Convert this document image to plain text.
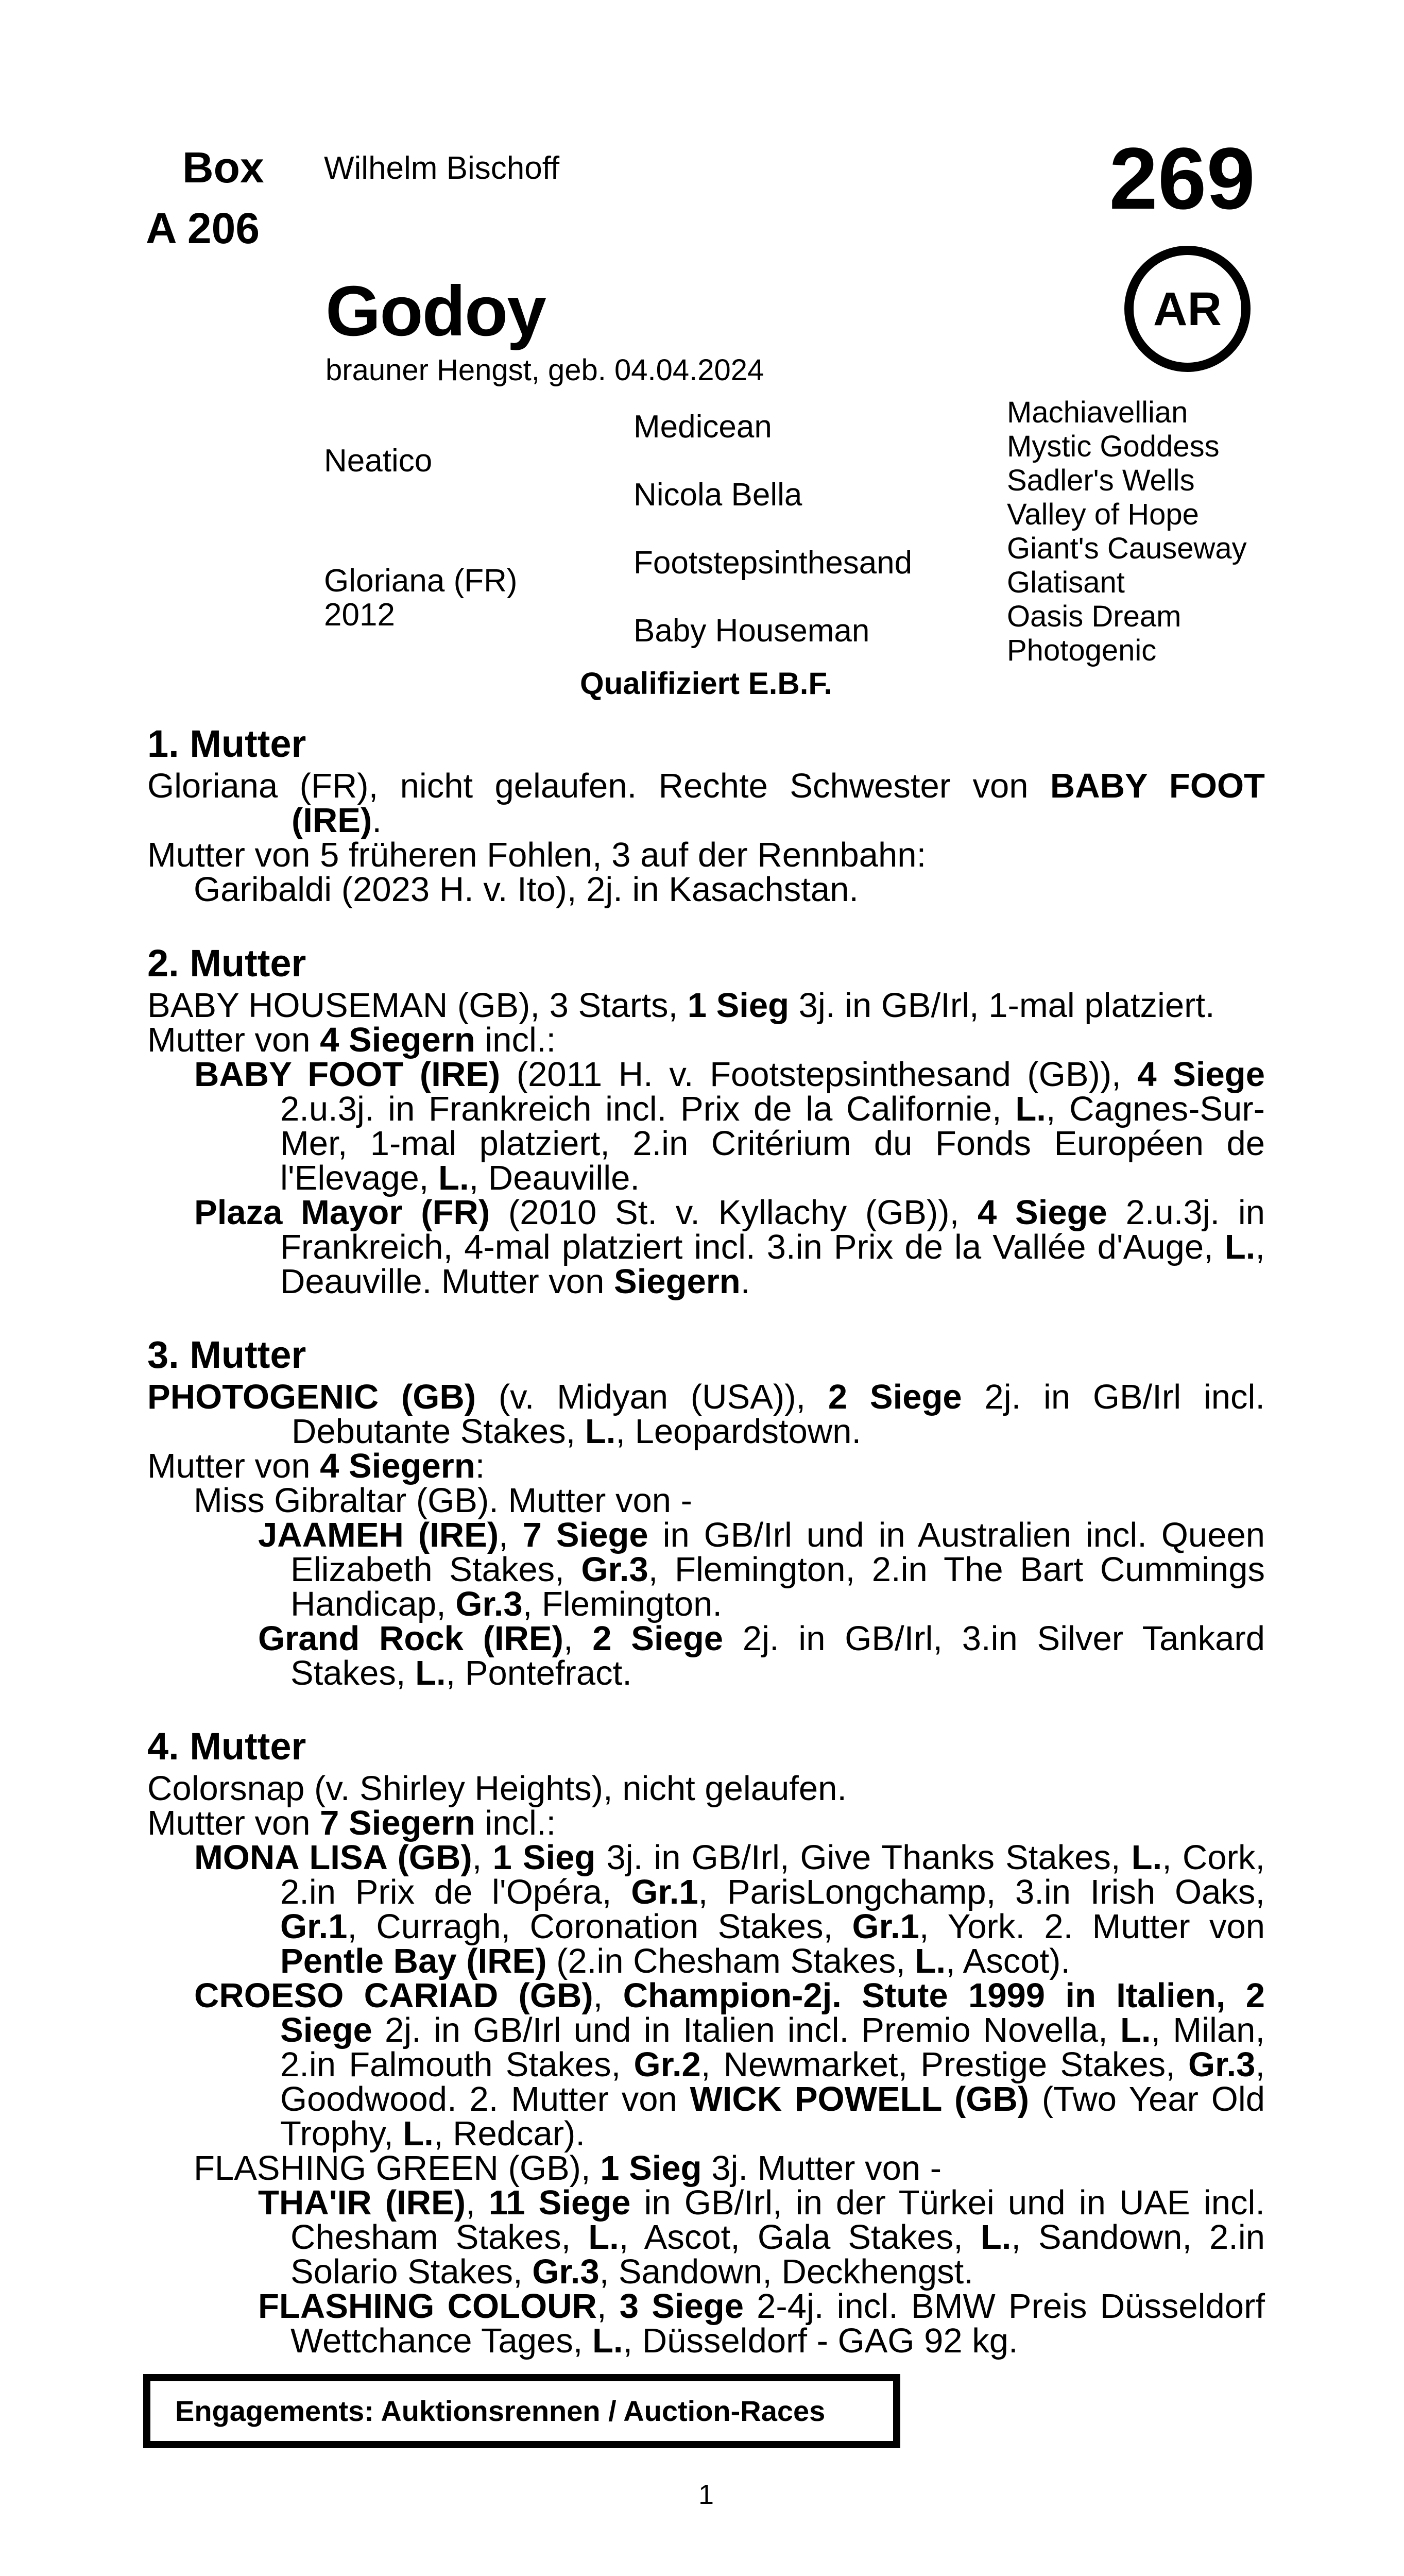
Box
A 206
Wilhelm Bischoff	269
AR
Godoy
brauner Hengst, geb. 04.04.2024
Neatico
Gloriana (FR)
2012
Medicean
Nicola Bella
Footstepsinthesand
Baby Houseman
Machiavellian
Mystic Goddess
Sadler's Wells
Valley of Hope
Giant's Causeway
Glatisant
Oasis Dream
Photogenic
Qualifiziert E.B.F.
1. Mutter

Gloriana (FR), nicht gelaufen. Rechte Schwester von BABY FOOT (IRE).

Mutter von 5 früheren Fohlen, 3 auf der Rennbahn:

Garibaldi (2023 H. v. Ito), 2j. in Kasachstan.

2. Mutter

BABY HOUSEMAN (GB), 3 Starts, 1 Sieg 3j. in GB/Irl, 1-mal platziert.

Mutter von 4 Siegern incl.:

BABY FOOT (IRE) (2011 H. v. Footstepsinthesand (GB)), 4 Siege 2.u.3j. in Frankreich incl. Prix de la Californie, L., Cagnes-Sur-Mer, 1-mal platziert, 2.in Critérium du Fonds Européen de l'Elevage, L., Deauville.

Plaza Mayor (FR) (2010 St. v. Kyllachy (GB)), 4 Siege 2.u.3j. in Frankreich, 4-mal platziert incl. 3.in Prix de la Vallée d'Auge, L., Deauville. Mutter von Siegern.

3. Mutter

PHOTOGENIC (GB) (v. Midyan (USA)), 2 Siege 2j. in GB/Irl incl. Debutante Stakes, L., Leopardstown.

Mutter von 4 Siegern:

Miss Gibraltar (GB). Mutter von -

JAAMEH (IRE), 7 Siege in GB/Irl und in Australien incl. Queen Elizabeth Stakes, Gr.3, Flemington, 2.in The Bart Cummings Handicap, Gr.3, Flemington.

Grand Rock (IRE), 2 Siege 2j. in GB/Irl, 3.in Silver Tankard Stakes, L., Pontefract.

4. Mutter

Colorsnap (v. Shirley Heights), nicht gelaufen.

Mutter von 7 Siegern incl.:

MONA LISA (GB), 1 Sieg 3j. in GB/Irl, Give Thanks Stakes, L., Cork, 2.in Prix de l'Opéra, Gr.1, ParisLongchamp, 3.in Irish Oaks, Gr.1, Curragh, Coronation Stakes, Gr.1, York. 2. Mutter von Pentle Bay (IRE) (2.in Chesham Stakes, L., Ascot).

CROESO CARIAD (GB), Champion-2j. Stute 1999 in Italien, 2 Siege 2j. in GB/Irl und in Italien incl. Premio Novella, L., Milan, 2.in Falmouth Stakes, Gr.2, Newmarket, Prestige Stakes, Gr.3, Goodwood. 2. Mutter von WICK POWELL (GB) (Two Year Old Trophy, L., Redcar).

FLASHING GREEN (GB), 1 Sieg 3j. Mutter von -

THA'IR (IRE), 11 Siege in GB/Irl, in der Türkei und in UAE incl. Chesham Stakes, L., Ascot, Gala Stakes, L., Sandown, 2.in Solario Stakes, Gr.3, Sandown, Deckhengst.

FLASHING COLOUR, 3 Siege 2-4j. incl. BMW Preis Düsseldorf Wettchance Tages, L., Düsseldorf - GAG 92 kg.

Engagements: Auktionsrennen / Auction-Races
1
